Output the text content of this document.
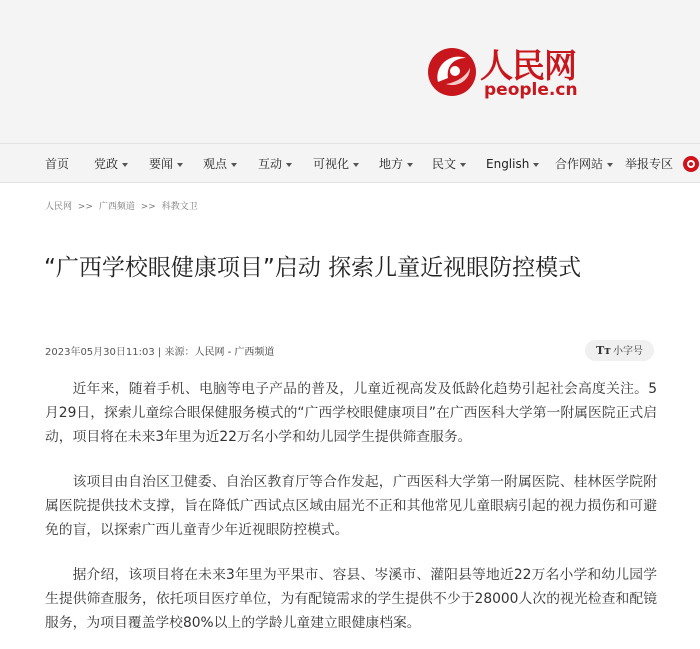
人民网
people.cn
首页 党政	要闻	观点	互动	可视化	地方	民文	English	合作网站	举报专区
人民网 >> 广西频道 >> 科教文卫
“广西学校眼健康项目”启动 探索儿童近视眼防控模式
2023年05月30日11:03 | 来源：人民网 - 广西频道	Tт 小字号

近年来，随着手机、电脑等电子产品的普及，儿童近视高发及低龄化趋势引起社会高度关注。5月29日，探索儿童综合眼保健服务模式的“广西学校眼健康项目”在广西医科大学第一附属医院正式启动，项目将在未来3年里为近22万名小学和幼儿园学生提供筛查服务。

该项目由自治区卫健委、自治区教育厅等合作发起，广西医科大学第一附属医院、桂林医学院附属医院提供技术支撑，旨在降低广西试点区域由屈光不正和其他常见儿童眼病引起的视力损伤和可避免的盲，以探索广西儿童青少年近视眼防控模式。

据介绍，该项目将在未来3年里为平果市、容县、岑溪市、灌阳县等地近22万名小学和幼儿园学生提供筛查服务，依托项目医疗单位，为有配镜需求的学生提供不少于28000人次的视光检查和配镜服务，为项目覆盖学校80%以上的学龄儿童建立眼健康档案。
